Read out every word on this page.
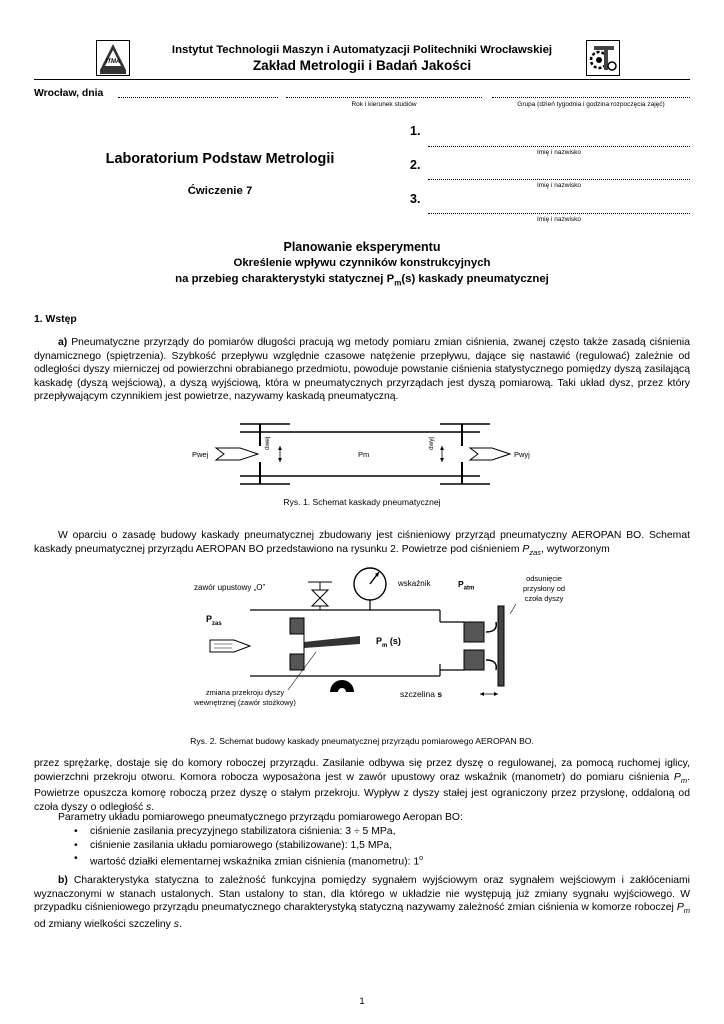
ITMA
Instytut Technologii Maszyn i Automatyzacji Politechniki Wrocławskiej
Zakład Metrologii i Badań Jakości
Wrocław, dnia
Rok i kierunek studiów	Grupa (dzień tygodnia i godzina rozpoczęcia zajęć)
Laboratorium Podstaw Metrologii
Ćwiczenie 7
1.
Imię i nazwisko
2.
Imię i nazwisko
3.
Imię i nazwisko
Planowanie eksperymentu
Określenie wpływu czynników konstrukcyjnych
na przebieg charakterystyki statycznej $P_m(s)$ kaskady pneumatycznej
1. Wstęp
a) Pneumatyczne przyrządy do pomiarów długości pracują wg metody pomiaru zmian ciśnienia, zwanej często także zasadą ciśnienia dynamicznego (spiętrzenia). Szybkość przepływu względnie czasowe natężenie przepływu, dające się nastawić (regulować) zależnie od odległości dyszy mierniczej od powierzchni obrabianego przedmiotu, powoduje powstanie ciśnienia statystycznego pomiędzy dyszą zasilającą kaskadę (dyszą wejściową), a dyszą wyjściową, która w pneumatycznych przyrządach jest dyszą pomiarową. Taki układ dysz, przez który przepływającym czynnikiem jest powietrze, nazywamy kaskadą pneumatyczną.
Pwej	Pm	Pwyj
dwej	dwyj
Rys. 1. Schemat kaskady pneumatycznej
W oparciu o zasadę budowy kaskady pneumatycznej zbudowany jest ciśnieniowy przyrząd pneumatyczny AEROPAN BO. Schemat kaskady pneumatycznej przyrządu AEROPAN BO przedstawiono na rysunku 2. Powietrze pod ciśnieniem $P_{zas}$, wytworzonym
zawór upustowy „O”	wskaźnik	$P_{atm}$
$P_{zas}$
$P_m$ (s)
odsunięcie
przysłony od
czoła dyszy
zmiana przekroju dyszy
wewnętrznej (zawór stożkowy)
szczelina s
Rys. 2. Schemat budowy kaskady pneumatycznej przyrządu pomiarowego AEROPAN BO.
przez sprężarkę, dostaje się do komory roboczej przyrządu. Zasilanie odbywa się przez dyszę o regulowanej, za pomocą ruchomej iglicy, powierzchni przekroju otworu. Komora robocza wyposażona jest w zawór upustowy oraz wskaźnik (manometr) do pomiaru ciśnienia $P_m$. Powietrze opuszcza komorę roboczą przez dyszę o stałym przekroju. Wypływ z dyszy stałej jest ograniczony przez przysłonę, oddaloną od czoła dyszy o odległość s.
Parametry układu pomiarowego pneumatycznego przyrządu pomiarowego Aeropan BO:
• ciśnienie zasilania precyzyjnego stabilizatora ciśnienia: 3 ÷ 5 MPa,
• ciśnienie zasilania układu pomiarowego (stabilizowane): 1,5 MPa,
• wartość działki elementarnej wskaźnika zmian ciśnienia (manometru): 1$^o$
b) Charakterystyka statyczna to zależność funkcyjna pomiędzy sygnałem wyjściowym oraz sygnałem wejściowym i zakłóceniami wyznaczonymi w stanach ustalonych. Stan ustalony to stan, dla którego w układzie nie występują już zmiany sygnału wyjściowego. W przypadku ciśnieniowego przyrządu pneumatycznego charakterystyką statyczną nazywamy zależność zmian ciśnienia w komorze roboczej $P_m$ od zmiany wielkości szczeliny s.
1
